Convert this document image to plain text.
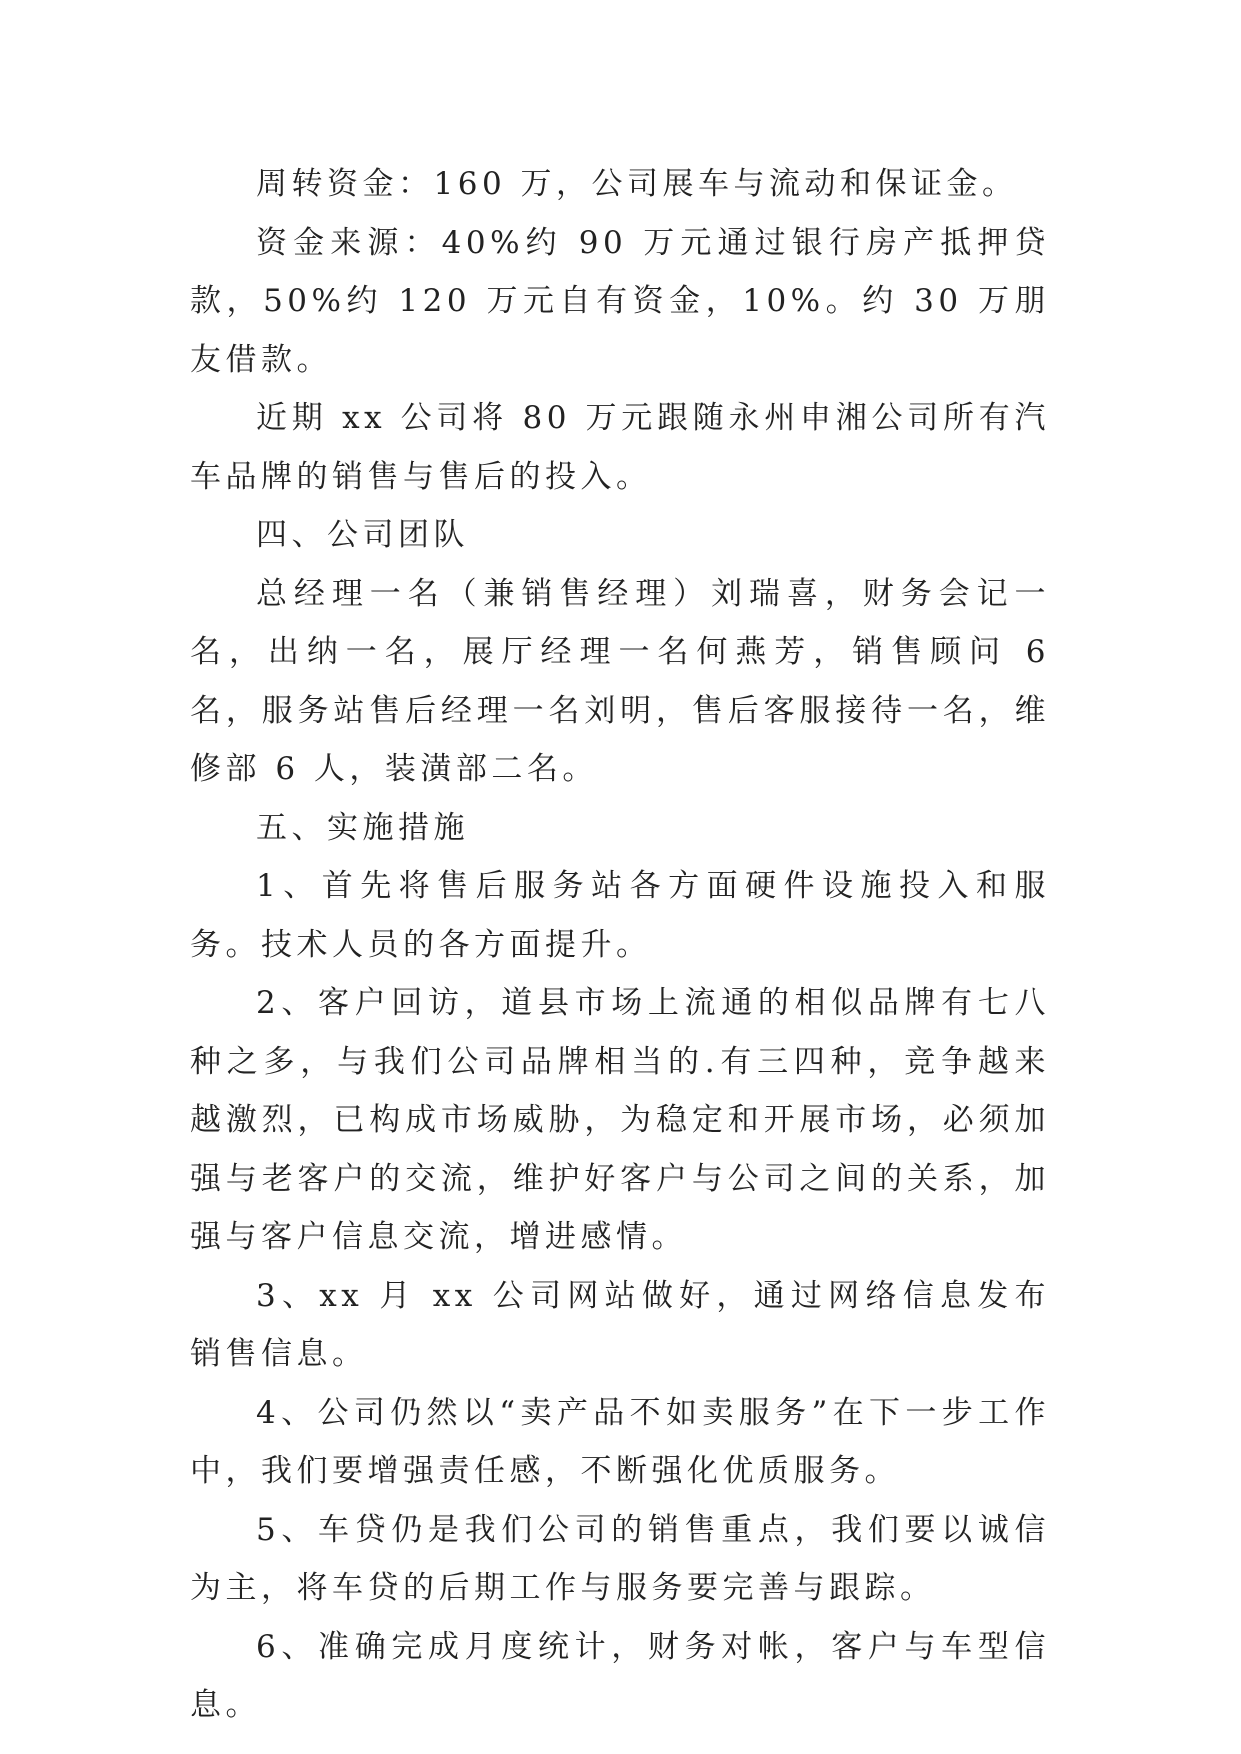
周转资金：160 万，公司展车与流动和保证金。

资金来源：40%约 90 万元通过银行房产抵押贷款，50%约 120 万元自有资金，10%。约 30 万朋友借款。

近期 xx 公司将 80 万元跟随永州申湘公司所有汽车品牌的销售与售后的投入。

四、公司团队

总经理一名（兼销售经理）刘瑞喜，财务会记一名，出纳一名，展厅经理一名何燕芳，销售顾问 6 名，服务站售后经理一名刘明，售后客服接待一名，维修部 6 人，装潢部二名。

五、实施措施

1、首先将售后服务站各方面硬件设施投入和服务。技术人员的各方面提升。

2、客户回访，道县市场上流通的相似品牌有七八种之多，与我们公司品牌相当的.有三四种，竞争越来越激烈，已构成市场威胁，为稳定和开展市场，必须加强与老客户的交流，维护好客户与公司之间的关系，加强与客户信息交流，增进感情。

3、xx 月 xx 公司网站做好，通过网络信息发布销售信息。

4、公司仍然以“卖产品不如卖服务”在下一步工作中，我们要增强责任感，不断强化优质服务。

5、车贷仍是我们公司的销售重点，我们要以诚信为主，将车贷的后期工作与服务要完善与跟踪。

6、准确完成月度统计，财务对帐，客户与车型信息。
